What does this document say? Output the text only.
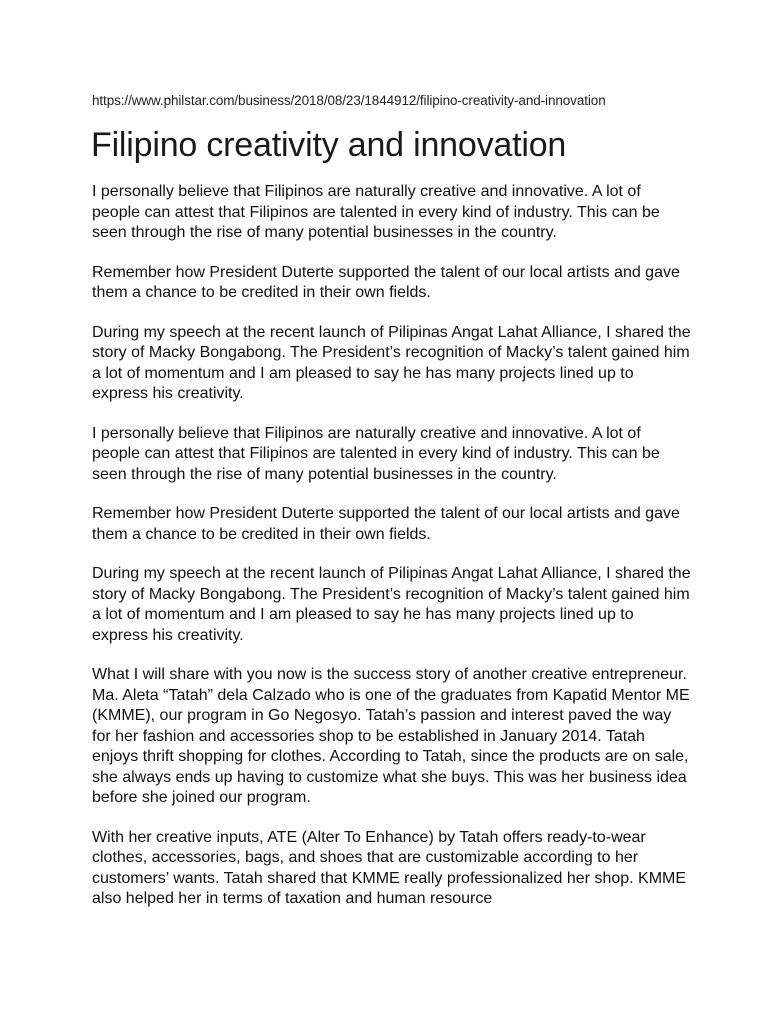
https://www.philstar.com/business/2018/08/23/1844912/filipino-creativity-and-innovation
Filipino creativity and innovation

I personally believe that Filipinos are naturally creative and innovative. A lot of people can attest that Filipinos are talented in every kind of industry. This can be seen through the rise of many potential businesses in the country.

Remember how President Duterte supported the talent of our local artists and gave them a chance to be credited in their own fields.

During my speech at the recent launch of Pilipinas Angat Lahat Alliance, I shared the story of Macky Bongabong. The President’s recognition of Macky’s talent gained him a lot of momentum and I am pleased to say he has many projects lined up to express his creativity.

I personally believe that Filipinos are naturally creative and innovative. A lot of people can attest that Filipinos are talented in every kind of industry. This can be seen through the rise of many potential businesses in the country.

Remember how President Duterte supported the talent of our local artists and gave them a chance to be credited in their own fields.

During my speech at the recent launch of Pilipinas Angat Lahat Alliance, I shared the story of Macky Bongabong. The President’s recognition of Macky’s talent gained him a lot of momentum and I am pleased to say he has many projects lined up to express his creativity.

What I will share with you now is the success story of another creative entrepreneur. Ma. Aleta “Tatah” dela Calzado who is one of the graduates from Kapatid Mentor ME (KMME), our program in Go Negosyo. Tatah’s passion and interest paved the way for her fashion and accessories shop to be established in January 2014. Tatah enjoys thrift shopping for clothes. According to Tatah, since the products are on sale, she always ends up having to customize what she buys. This was her business idea before she joined our program.

With her creative inputs, ATE (Alter To Enhance) by Tatah offers ready-to-wear clothes, accessories, bags, and shoes that are customizable according to her customers’ wants. Tatah shared that KMME really professionalized her shop. KMME also helped her in terms of taxation and human resource
